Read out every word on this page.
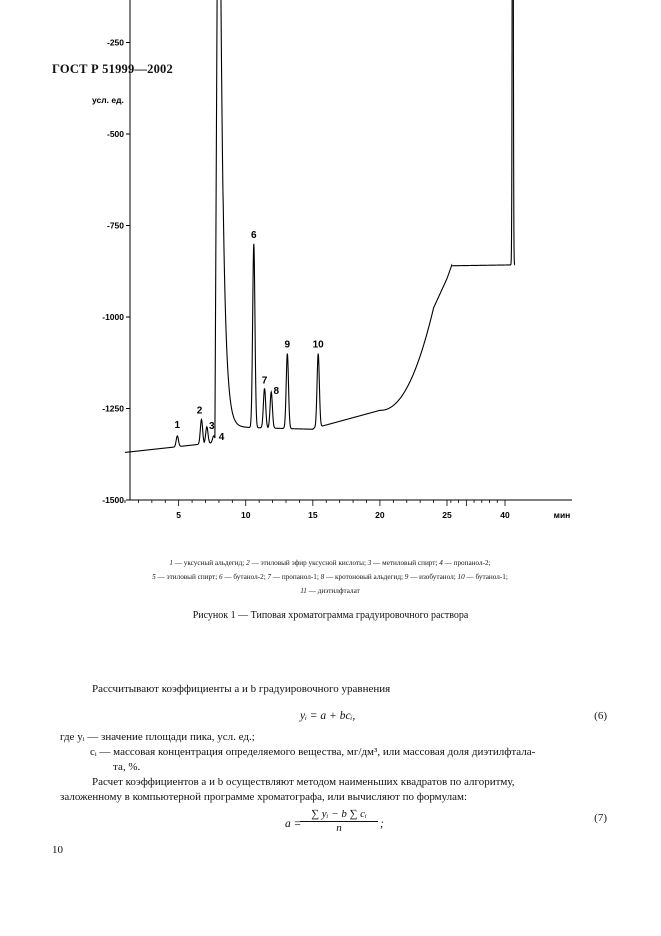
ГОСТ Р 51999—2002
-250
-500
-750
-1000
-1250
-1500
5	10	15	20	25	40	мин
1
2
3
4
6
7
8
9 10
усл. ед.
1 — уксусный альдегид; 2 — этиловый эфир уксусной кислоты; 3 — метиловый спирт; 4 — пропанол-2;
5 — этиловый спирт; 6 — бутанол-2; 7 — пропанол-1; 8 — кротоновый альдегид; 9 — изобутанол; 10 — бутанол-1;
11 — диэтилфталат
Рисунок 1 — Типовая хроматограмма градуировочного раствора
Рассчитывают коэффициенты a и b градуировочного уравнения
yᵢ = a + bcᵢ,	(6)
где yᵢ — значение площади пика, усл. ед.;
cᵢ — массовая концентрация определяемого вещества, мг/дм³, или массовая доля диэтилфтала-
та, %.
Расчет коэффициентов a и b осуществляют методом наименьших квадратов по алгоритму,
заложенному в компьютерной программе хроматографа, или вычисляют по формулам:
a =
$\frac{\text{∑ yᵢ − b ∑ cᵢ}}{n}$ ;	(7)
10
